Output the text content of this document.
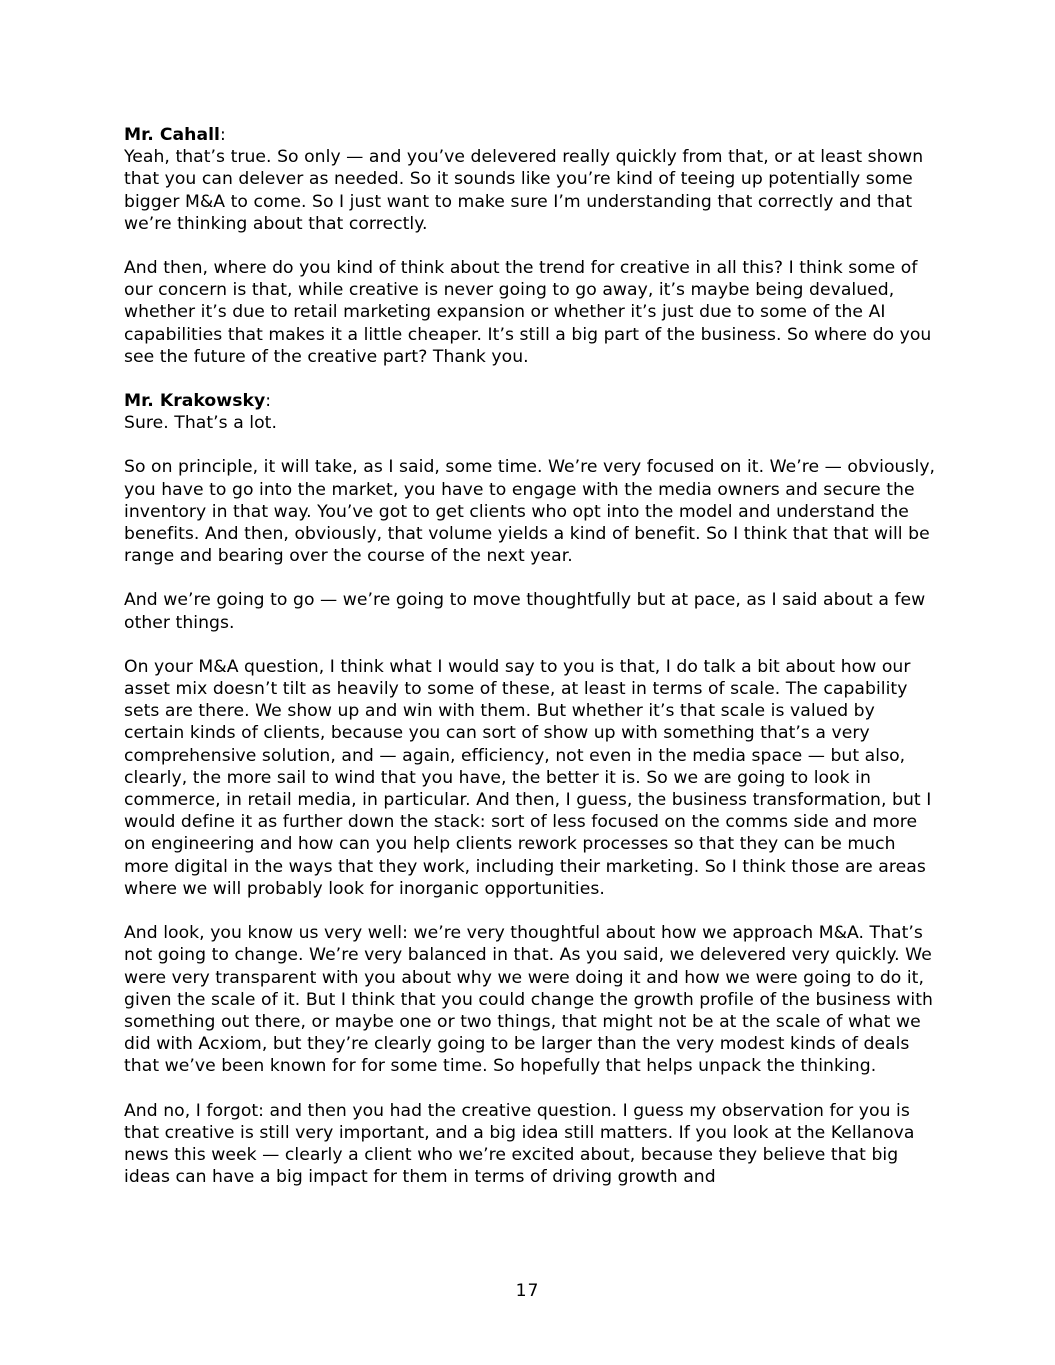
Mr. Cahall:

Yeah, that’s true. So only — and you’ve delevered really quickly from that, or at least shown that you can delever as needed. So it sounds like you’re kind of teeing up potentially some bigger M&A to come. So I just want to make sure I’m understanding that correctly and that we’re thinking about that correctly.

And then, where do you kind of think about the trend for creative in all this? I think some of our concern is that, while creative is never going to go away, it’s maybe being devalued, whether it’s due to retail marketing expansion or whether it’s just due to some of the AI capabilities that makes it a little cheaper. It’s still a big part of the business. So where do you see the future of the creative part? Thank you.

Mr. Krakowsky:

Sure. That’s a lot.

So on principle, it will take, as I said, some time. We’re very focused on it. We’re — obviously, you have to go into the market, you have to engage with the media owners and secure the inventory in that way. You’ve got to get clients who opt into the model and understand the benefits. And then, obviously, that volume yields a kind of benefit. So I think that that will be range and bearing over the course of the next year.

And we’re going to go — we’re going to move thoughtfully but at pace, as I said about a few other things.

On your M&A question, I think what I would say to you is that, I do talk a bit about how our asset mix doesn’t tilt as heavily to some of these, at least in terms of scale. The capability sets are there. We show up and win with them. But whether it’s that scale is valued by certain kinds of clients, because you can sort of show up with something that’s a very comprehensive solution, and — again, efficiency, not even in the media space — but also, clearly, the more sail to wind that you have, the better it is. So we are going to look in commerce, in retail media, in particular. And then, I guess, the business transformation, but I would define it as further down the stack: sort of less focused on the comms side and more on engineering and how can you help clients rework processes so that they can be much more digital in the ways that they work, including their marketing. So I think those are areas where we will probably look for inorganic opportunities.

And look, you know us very well: we’re very thoughtful about how we approach M&A. That’s not going to change. We’re very balanced in that. As you said, we delevered very quickly. We were very transparent with you about why we were doing it and how we were going to do it, given the scale of it. But I think that you could change the growth profile of the business with something out there, or maybe one or two things, that might not be at the scale of what we did with Acxiom, but they’re clearly going to be larger than the very modest kinds of deals that we’ve been known for for some time. So hopefully that helps unpack the thinking.

And no, I forgot: and then you had the creative question. I guess my observation for you is that creative is still very important, and a big idea still matters. If you look at the Kellanova news this week — clearly a client who we’re excited about, because they believe that big ideas can have a big impact for them in terms of driving growth and

17
